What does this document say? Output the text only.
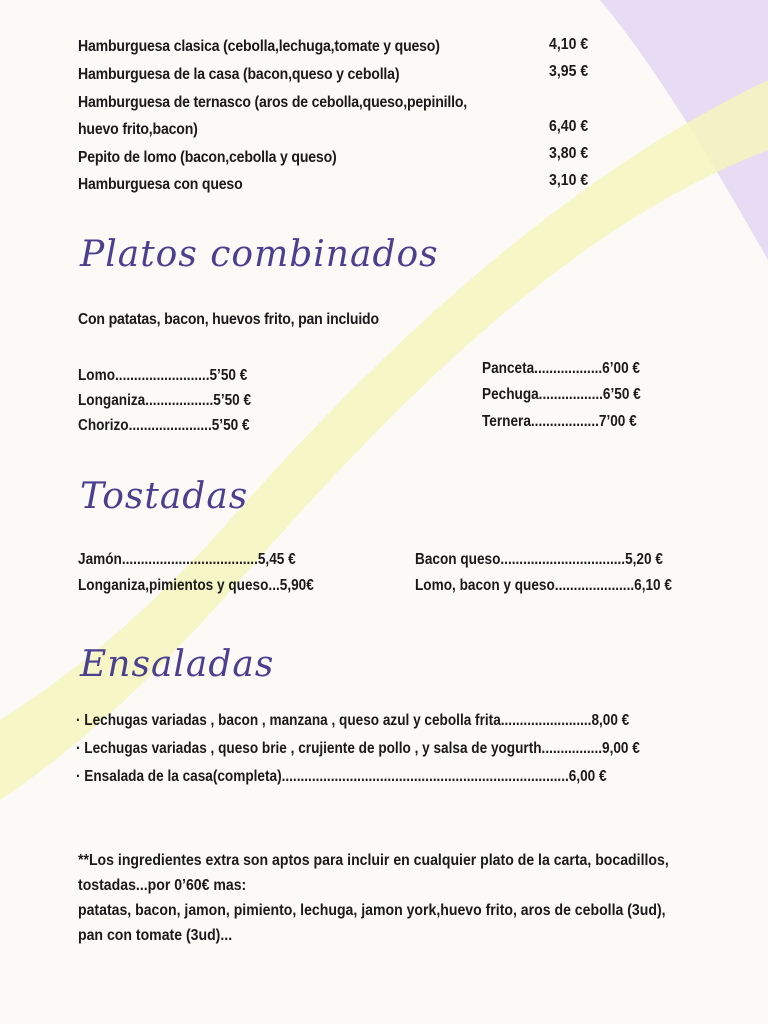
Hamburguesa clasica (cebolla,lechuga,tomate y queso)	4,10 €
Hamburguesa de la casa (bacon,queso y cebolla)	3,95 €
Hamburguesa de ternasco (aros de cebolla,queso,pepinillo,
huevo frito,bacon)	6,40 €
Pepito de lomo (bacon,cebolla y queso)	3,80 €
Hamburguesa con queso	3,10 €
Platos combinados
Con patatas, bacon, huevos frito, pan incluido
Lomo.........................5’50 €
Longaniza..................5’50 €
Chorizo......................5’50 €
Panceta..................6’00 €
Pechuga.................6’50 €
Ternera..................7’00 €
Tostadas
Jamón....................................5,45 €
Longaniza,pimientos y queso...5,90€
Bacon queso.................................5,20 €
Lomo, bacon y queso.....................6,10 €
Ensaladas
· Lechugas variadas , bacon , manzana , queso azul y cebolla frita........................8,00 €
· Lechugas variadas , queso brie , crujiente de pollo , y salsa de yogurth................9,00 €
· Ensalada de la casa(completa)............................................................................6,00 €
**Los ingredientes extra son aptos para incluir en cualquier plato de la carta, bocadillos,
tostadas...por 0’60€ mas:
patatas, bacon, jamon, pimiento, lechuga, jamon york,huevo frito, aros de cebolla (3ud),
pan con tomate (3ud)...
